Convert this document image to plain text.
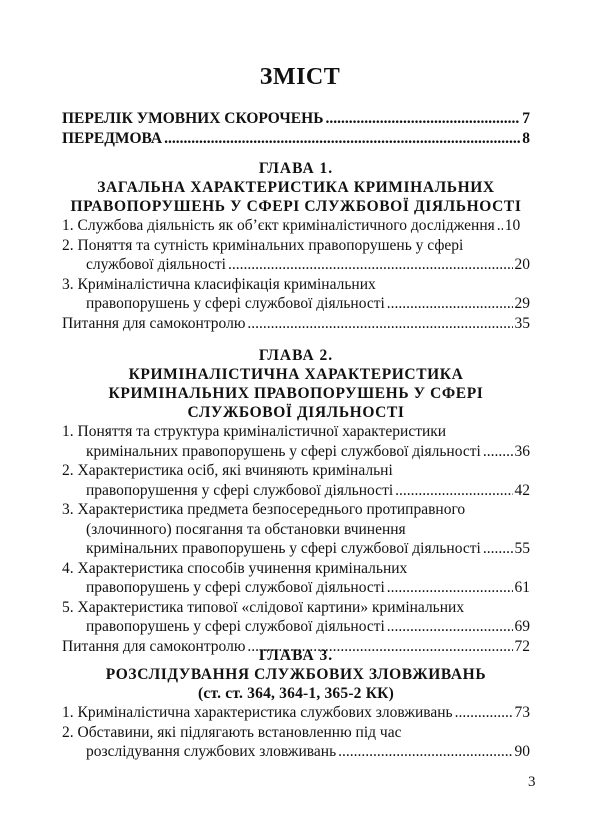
ЗМІСТ
ПЕРЕЛІК УМОВНИХ СКОРОЧЕНЬ .....	7
ПЕРЕДМОВА .....	8
ГЛАВА 1.
ЗАГАЛЬНА ХАРАКТЕРИСТИКА КРИМІНАЛЬНИХ
ПРАВОПОРУШЕНЬ У СФЕРІ СЛУЖБОВОЇ ДІЯЛЬНОСТІ
1. Службова діяльність як об’єкт криміналістичного дослідження ..... 10
2. Поняття та сутність кримінальних правопорушень у сфері
службової діяльності .....	20
3. Криміналістична класифікація кримінальних
правопорушень у сфері службової діяльності .....	29
Питання для самоконтролю .....	35
ГЛАВА 2.
КРИМІНАЛІСТИЧНА ХАРАКТЕРИСТИКА
КРИМІНАЛЬНИХ ПРАВОПОРУШЕНЬ У СФЕРІ
СЛУЖБОВОЇ ДІЯЛЬНОСТІ
1. Поняття та структура криміналістичної характеристики
кримінальних правопорушень у сфері службової діяльності ..... 36
2. Характеристика осіб, які вчиняють кримінальні
правопорушення у сфері службової діяльності .....	42
3. Характеристика предмета безпосереднього протиправного
(злочинного) посягання та обстановки вчинення
кримінальних правопорушень у сфері службової діяльності ..... 55
4. Характеристика способів учинення кримінальних
правопорушень у сфері службової діяльності .....	61
5. Характеристика типової «слідової картини» кримінальних
правопорушень у сфері службової діяльності .....	69
Питання для самоконтролю .....	72
ГЛАВА 3.
РОЗСЛІДУВАННЯ СЛУЖБОВИХ ЗЛОВЖИВАНЬ
(ст. ст. 364, 364-1, 365-2 КК)
1. Криміналістична характеристика службових зловживань .....	73
2. Обставини, які підлягають встановленню під час
розслідування службових зловживань .....	90
3
